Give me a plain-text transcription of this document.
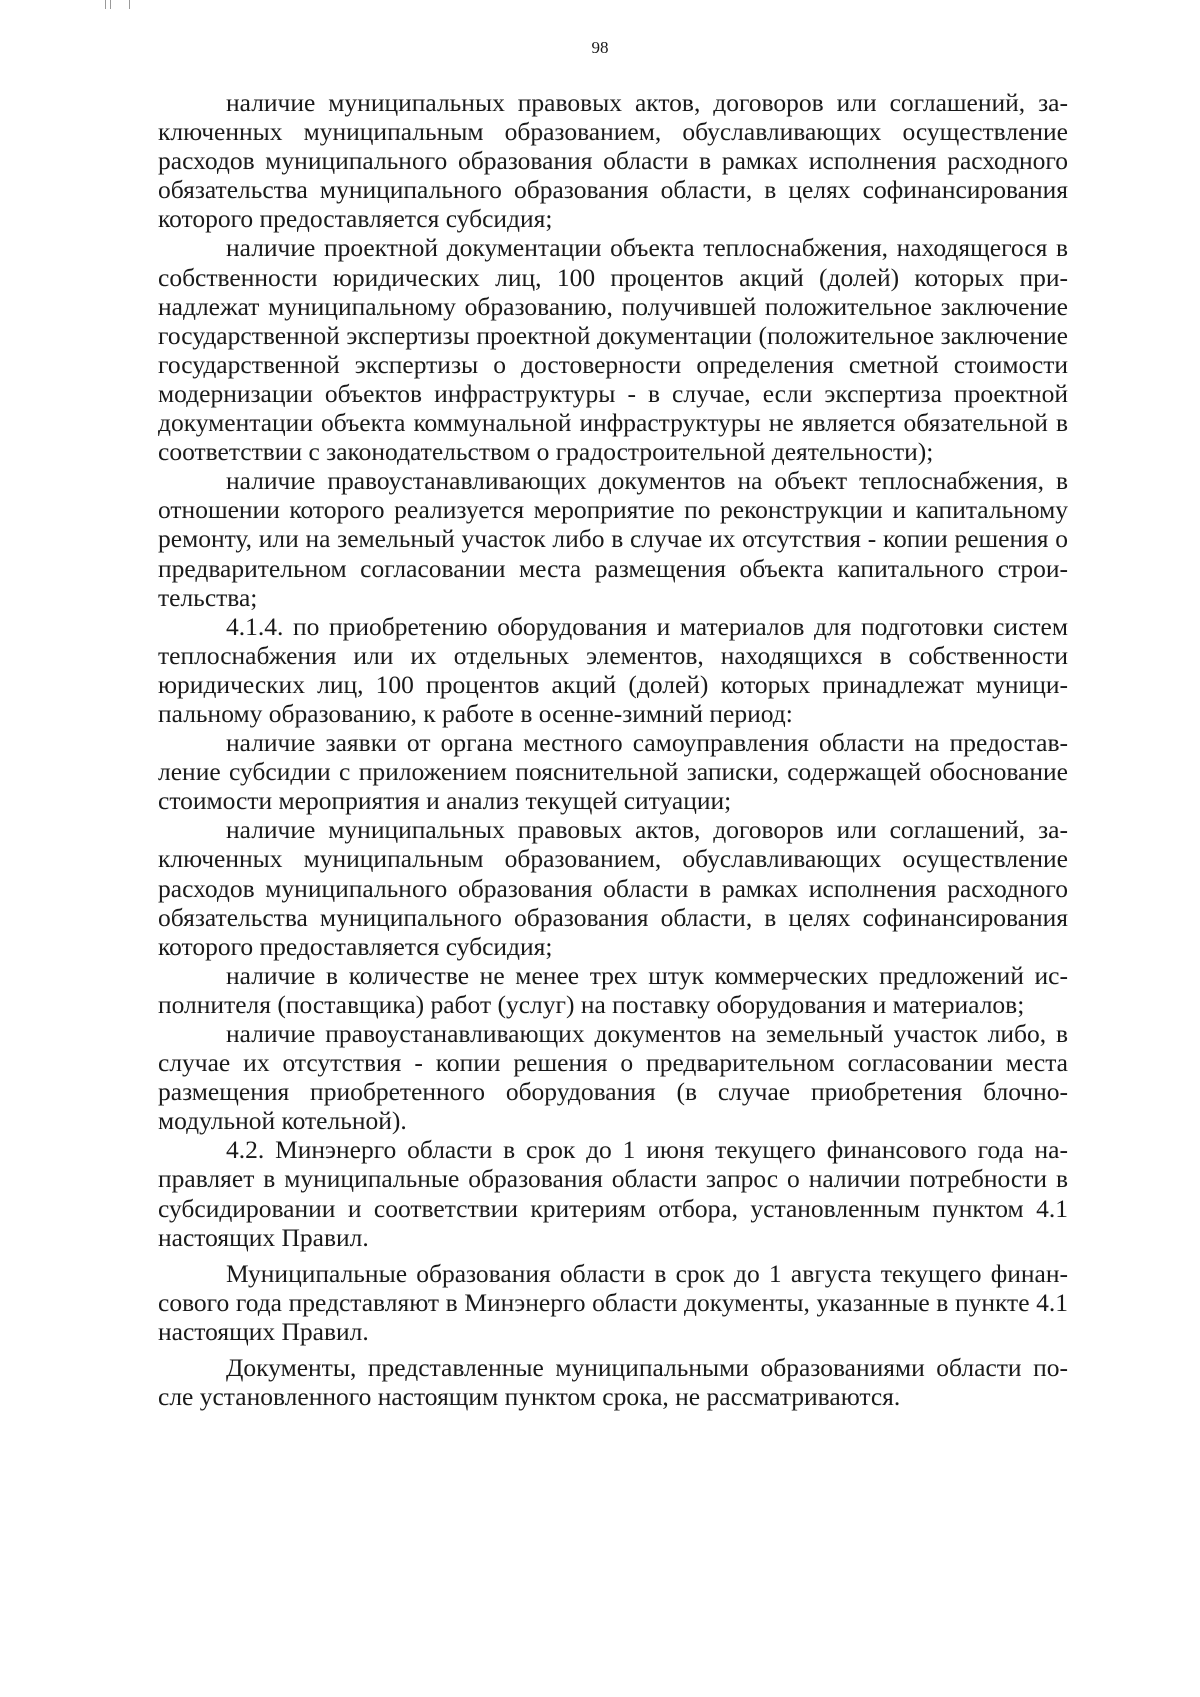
98

наличие муниципальных правовых актов, договоров или соглашений, заключенных муниципальным образованием, обуславливающих осуществление расходов муниципального образования области в рамках исполнения расходного обязательства муниципального образования области, в целях софинансирования которого предоставляется субсидия;

наличие проектной документации объекта теплоснабжения, находящегося в собственности юридических лиц, 100 процентов акций (долей) которых принадлежат муниципальному образованию, получившей положительное заключение государственной экспертизы проектной документации (положительное заключение государственной экспертизы о достоверности определения сметной стоимости модернизации объектов инфраструктуры - в случае, если экспертиза проектной документации объекта коммунальной инфраструктуры не является обязательной в соответствии с законодательством о градостроительной деятельности);

наличие правоустанавливающих документов на объект теплоснабжения, в отношении которого реализуется мероприятие по реконструкции и капитальному ремонту, или на земельный участок либо в случае их отсутствия - копии решения о предварительном согласовании места размещения объекта капитального строительства;

4.1.4. по приобретению оборудования и материалов для подготовки систем теплоснабжения или их отдельных элементов, находящихся в собственности юридических лиц, 100 процентов акций (долей) которых принадлежат муниципальному образованию, к работе в осенне-зимний период:

наличие заявки от органа местного самоуправления области на предоставление субсидии с приложением пояснительной записки, содержащей обоснование стоимости мероприятия и анализ текущей ситуации;

наличие муниципальных правовых актов, договоров или соглашений, заключенных муниципальным образованием, обуславливающих осуществление расходов муниципального образования области в рамках исполнения расходного обязательства муниципального образования области, в целях софинансирования которого предоставляется субсидия;

наличие в количестве не менее трех штук коммерческих предложений исполнителя (поставщика) работ (услуг) на поставку оборудования и материалов;

наличие правоустанавливающих документов на земельный участок либо, в случае их отсутствия - копии решения о предварительном согласовании места размещения приобретенного оборудования (в случае приобретения блочномодульной котельной).

4.2. Минэнерго области в срок до 1 июня текущего финансового года направляет в муниципальные образования области запрос о наличии потребности в субсидировании и соответствии критериям отбора, установленным пунктом 4.1 настоящих Правил.

Муниципальные образования области в срок до 1 августа текущего финансового года представляют в Минэнерго области документы, указанные в пункте 4.1 настоящих Правил.

Документы, представленные муниципальными образованиями области после установленного настоящим пунктом срока, не рассматриваются.
